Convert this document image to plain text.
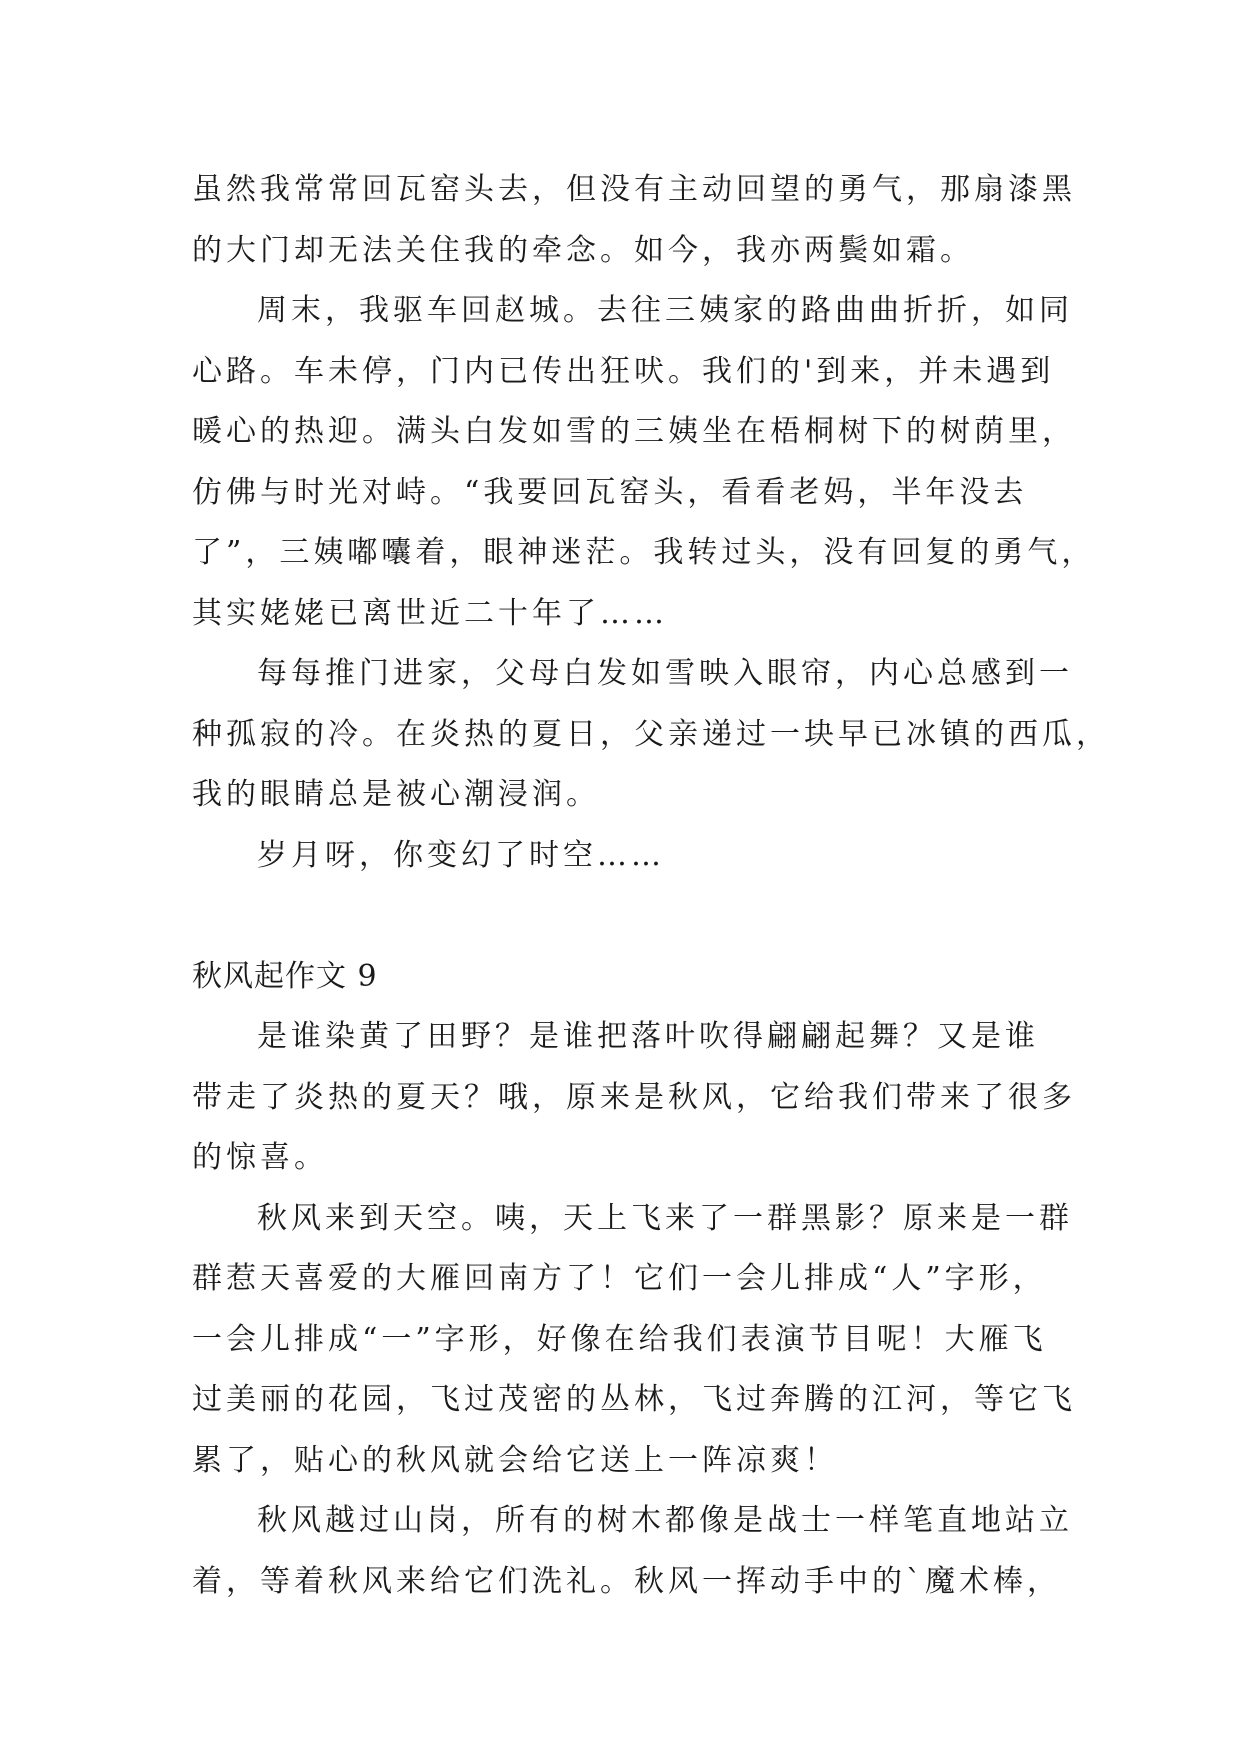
虽然我常常回瓦窑头去，但没有主动回望的勇气，那扇漆黑
的大门却无法关住我的牵念。如今，我亦两鬓如霜。
周末，我驱车回赵城。去往三姨家的路曲曲折折，如同
心路。车未停，门内已传出狂吠。我们的'到来，并未遇到
暖心的热迎。满头白发如雪的三姨坐在梧桐树下的树荫里，
仿佛与时光对峙。“我要回瓦窑头，看看老妈，半年没去
了”，三姨嘟囔着，眼神迷茫。我转过头，没有回复的勇气，
其实姥姥已离世近二十年了……
每每推门进家，父母白发如雪映入眼帘，内心总感到一
种孤寂的冷。在炎热的夏日，父亲递过一块早已冰镇的西瓜，
我的眼睛总是被心潮浸润。
岁月呀，你变幻了时空……
秋风起作文 9
是谁染黄了田野？是谁把落叶吹得翩翩起舞？又是谁
带走了炎热的夏天？哦，原来是秋风，它给我们带来了很多
的惊喜。
秋风来到天空。咦，天上飞来了一群黑影？原来是一群
群惹天喜爱的大雁回南方了！它们一会儿排成“人”字形，
一会儿排成“一”字形，好像在给我们表演节目呢！大雁飞
过美丽的花园，飞过茂密的丛林，飞过奔腾的江河，等它飞
累了，贴心的秋风就会给它送上一阵凉爽！
秋风越过山岗，所有的树木都像是战士一样笔直地站立
着，等着秋风来给它们洗礼。秋风一挥动手中的`魔术棒，
